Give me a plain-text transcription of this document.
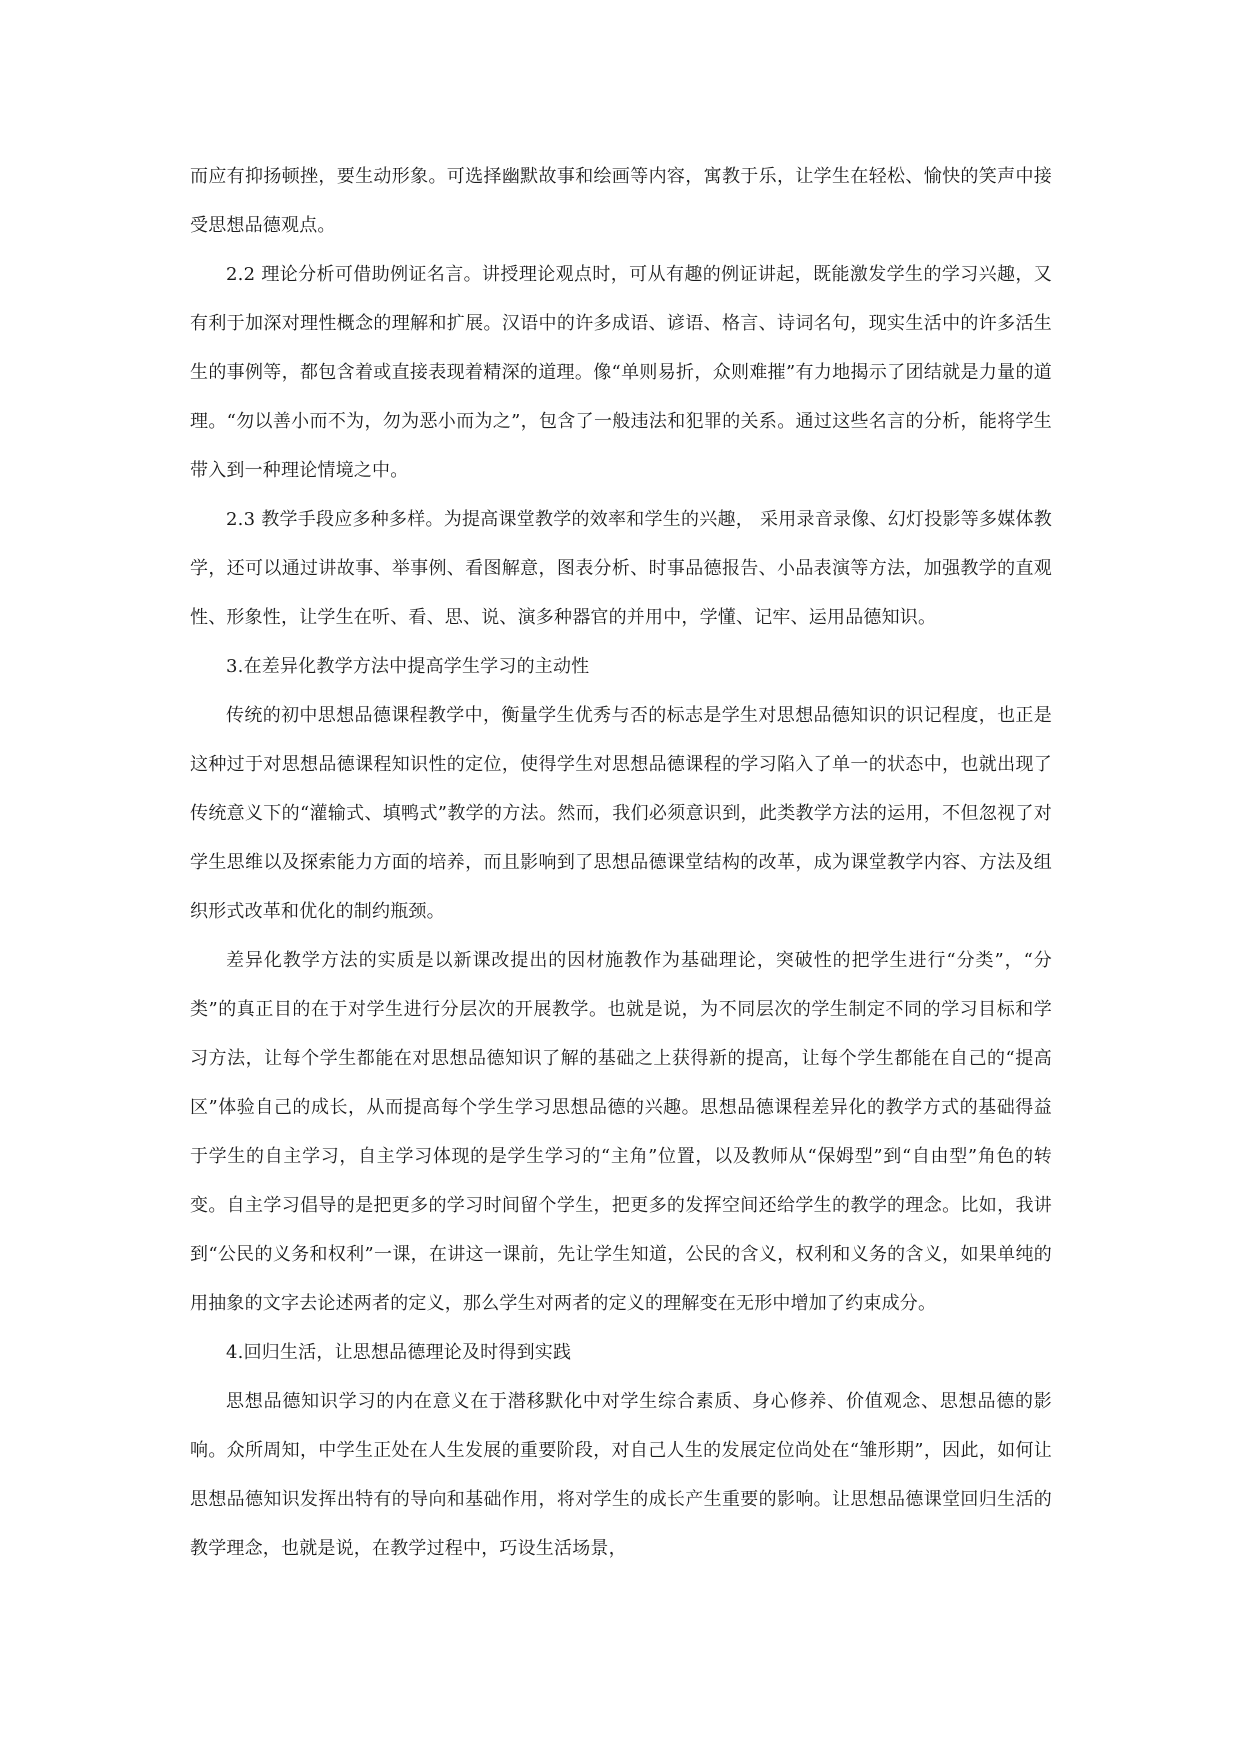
而应有抑扬顿挫，要生动形象。可选择幽默故事和绘画等内容，寓教于乐，让学生在轻松、愉快的笑声中接受思想品德观点。

2.2 理论分析可借助例证名言。讲授理论观点时，可从有趣的例证讲起，既能激发学生的学习兴趣，又有利于加深对理性概念的理解和扩展。汉语中的许多成语、谚语、格言、诗词名句，现实生活中的许多活生生的事例等，都包含着或直接表现着精深的道理。像“单则易折，众则难摧”有力地揭示了团结就是力量的道理。“勿以善小而不为，勿为恶小而为之”，包含了一般违法和犯罪的关系。通过这些名言的分析，能将学生带入到一种理论情境之中。

2.3 教学手段应多种多样。为提高课堂教学的效率和学生的兴趣， 采用录音录像、幻灯投影等多媒体教学，还可以通过讲故事、举事例、看图解意，图表分析、时事品德报告、小品表演等方法，加强教学的直观性、形象性，让学生在听、看、思、说、演多种器官的并用中，学懂、记牢、运用品德知识。

3.在差异化教学方法中提高学生学习的主动性

传统的初中思想品德课程教学中，衡量学生优秀与否的标志是学生对思想品德知识的识记程度，也正是这种过于对思想品德课程知识性的定位，使得学生对思想品德课程的学习陷入了单一的状态中，也就出现了传统意义下的“灌输式、填鸭式”教学的方法。然而，我们必须意识到，此类教学方法的运用，不但忽视了对学生思维以及探索能力方面的培养，而且影响到了思想品德课堂结构的改革，成为课堂教学内容、方法及组织形式改革和优化的制约瓶颈。

差异化教学方法的实质是以新课改提出的因材施教作为基础理论，突破性的把学生进行“分类”，“分类”的真正目的在于对学生进行分层次的开展教学。也就是说，为不同层次的学生制定不同的学习目标和学习方法，让每个学生都能在对思想品德知识了解的基础之上获得新的提高，让每个学生都能在自己的“提高区”体验自己的成长，从而提高每个学生学习思想品德的兴趣。思想品德课程差异化的教学方式的基础得益于学生的自主学习，自主学习体现的是学生学习的“主角”位置，以及教师从“保姆型”到“自由型”角色的转变。自主学习倡导的是把更多的学习时间留个学生，把更多的发挥空间还给学生的教学的理念。比如，我讲到“公民的义务和权利”一课，在讲这一课前，先让学生知道，公民的含义，权利和义务的含义，如果单纯的用抽象的文字去论述两者的定义，那么学生对两者的定义的理解变在无形中增加了约束成分。

4.回归生活，让思想品德理论及时得到实践

思想品德知识学习的内在意义在于潜移默化中对学生综合素质、身心修养、价值观念、思想品德的影响。众所周知，中学生正处在人生发展的重要阶段，对自己人生的发展定位尚处在“雏形期”，因此，如何让思想品德知识发挥出特有的导向和基础作用，将对学生的成长产生重要的影响。让思想品德课堂回归生活的教学理念，也就是说，在教学过程中，巧设生活场景，
